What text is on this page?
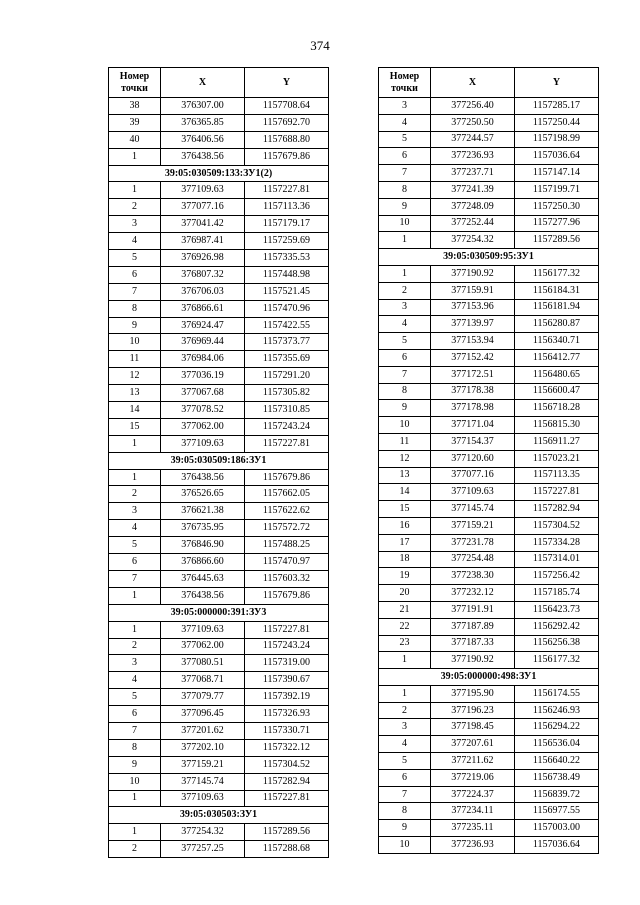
374
Номер
точки	X	Y
38	376307.00	1157708.64
39	376365.85	1157692.70
40	376406.56	1157688.80
1	376438.56	1157679.86
39:05:030509:133:ЗУ1(2)		
1	377109.63	1157227.81
2	377077.16	1157113.36
3	377041.42	1157179.17
4	376987.41	1157259.69
5	376926.98	1157335.53
6	376807.32	1157448.98
7	376706.03	1157521.45
8	376866.61	1157470.96
9	376924.47	1157422.55
10	376969.44	1157373.77
11	376984.06	1157355.69
12	377036.19	1157291.20
13	377067.68	1157305.82
14	377078.52	1157310.85
15	377062.00	1157243.24
1	377109.63	1157227.81
39:05:030509:186:ЗУ1		
1	376438.56	1157679.86
2	376526.65	1157662.05
3	376621.38	1157622.62
4	376735.95	1157572.72
5	376846.90	1157488.25
6	376866.60	1157470.97
7	376445.63	1157603.32
1	376438.56	1157679.86
39:05:000000:391:ЗУ3		
1	377109.63	1157227.81
2	377062.00	1157243.24
3	377080.51	1157319.00
4	377068.71	1157390.67
5	377079.77	1157392.19
6	377096.45	1157326.93
7	377201.62	1157330.71
8	377202.10	1157322.12
9	377159.21	1157304.52
10	377145.74	1157282.94
1	377109.63	1157227.81
39:05:030503:ЗУ1		
1	377254.32	1157289.56
2	377257.25	1157288.68
Номер
точки	X	Y
3	377256.40	1157285.17
4	377250.50	1157250.44
5	377244.57	1157198.99
6	377236.93	1157036.64
7	377237.71	1157147.14
8	377241.39	1157199.71
9	377248.09	1157250.30
10	377252.44	1157277.96
1	377254.32	1157289.56
39:05:030509:95:ЗУ1		
1	377190.92	1156177.32
2	377159.91	1156184.31
3	377153.96	1156181.94
4	377139.97	1156280.87
5	377153.94	1156340.71
6	377152.42	1156412.77
7	377172.51	1156480.65
8	377178.38	1156600.47
9	377178.98	1156718.28
10	377171.04	1156815.30
11	377154.37	1156911.27
12	377120.60	1157023.21
13	377077.16	1157113.35
14	377109.63	1157227.81
15	377145.74	1157282.94
16	377159.21	1157304.52
17	377231.78	1157334.28
18	377254.48	1157314.01
19	377238.30	1157256.42
20	377232.12	1157185.74
21	377191.91	1156423.73
22	377187.89	1156292.42
23	377187.33	1156256.38
1	377190.92	1156177.32
39:05:000000:498:ЗУ1		
1	377195.90	1156174.55
2	377196.23	1156246.93
3	377198.45	1156294.22
4	377207.61	1156536.04
5	377211.62	1156640.22
6	377219.06	1156738.49
7	377224.37	1156839.72
8	377234.11	1156977.55
9	377235.11	1157003.00
10	377236.93	1157036.64
